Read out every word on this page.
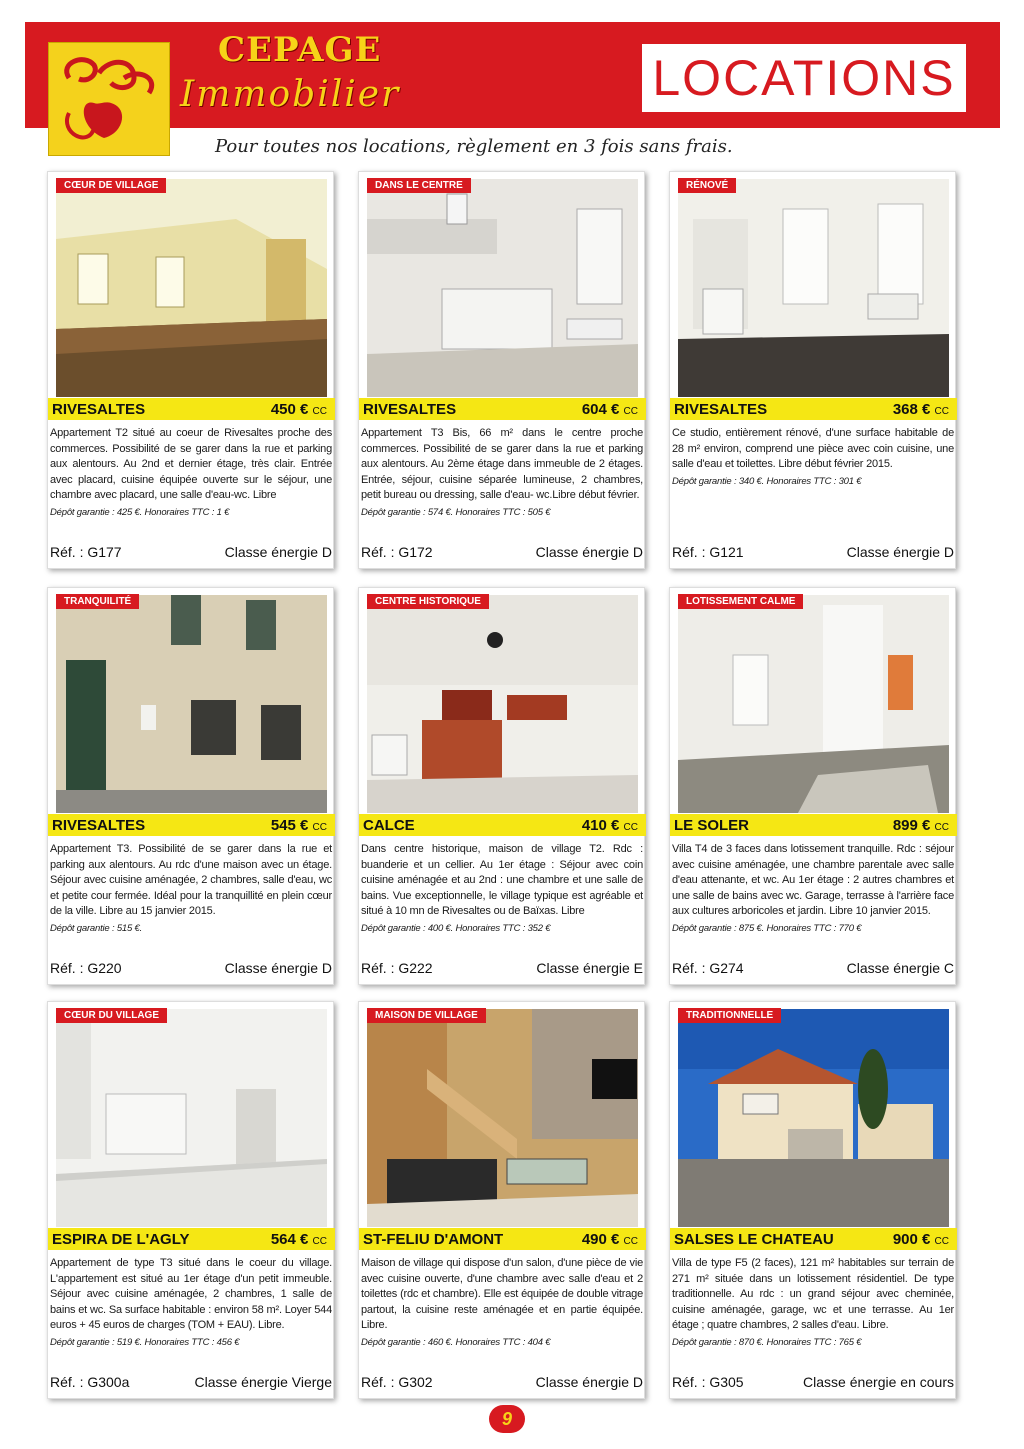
CEPAGE
Immobilier	LOCATIONS
Pour toutes nos locations, règlement en 3 fois sans frais.
CŒUR DE VILLAGE
RIVESALTES	450 € CC
Appartement T2 situé au coeur de Rivesaltes proche des commerces. Possibilité de se garer dans la rue et parking aux alentours. Au 2nd et dernier étage, très clair. Entrée avec placard, cuisine équipée ouverte sur le séjour, une chambre avec placard, une salle d'eau-wc. Libre
Dépôt garantie : 425 €. Honoraires TTC : 1 €
Réf. : G177	Classe énergie D
DANS LE CENTRE
RIVESALTES	604 € CC
Appartement T3 Bis, 66 m² dans le centre proche commerces. Possibilité de se garer dans la rue et parking aux alentours. Au 2ème étage dans immeuble de 2 étages. Entrée, séjour, cuisine séparée lumineuse, 2 chambres, petit bureau ou dressing, salle d'eau- wc.Libre début février.
Dépôt garantie : 574 €. Honoraires TTC : 505 €
Réf. : G172	Classe énergie D
RÉNOVÉ
RIVESALTES	368 € CC
Ce studio, entièrement rénové, d'une surface habitable de 28 m² environ, comprend une pièce avec coin cuisine, une salle d'eau et toilettes. Libre début février 2015.
Dépôt garantie : 340 €. Honoraires TTC : 301 €
Réf. : G121	Classe énergie D
TRANQUILITÉ
RIVESALTES	545 € CC
Appartement T3. Possibilité de se garer dans la rue et parking aux alentours. Au rdc d'une maison avec un étage. Séjour avec cuisine aménagée, 2 chambres, salle d'eau, wc et petite cour fermée. Idéal pour la tranquillité en plein cœur de la ville. Libre au 15 janvier 2015.
Dépôt garantie : 515 €.
Réf. : G220	Classe énergie D
CENTRE HISTORIQUE
CALCE	410 € CC
Dans centre historique, maison de village T2. Rdc : buanderie et un cellier. Au 1er étage : Séjour avec coin cuisine aménagée et au 2nd : une chambre et une salle de bains. Vue exceptionnelle, le village typique est agréable et situé à 10 mn de Rivesaltes ou de Baïxas. Libre
Dépôt garantie : 400 €. Honoraires TTC : 352 €
Réf. : G222	Classe énergie E
LOTISSEMENT CALME
LE SOLER	899 € CC
Villa T4 de 3 faces dans lotissement tranquille. Rdc : séjour avec cuisine aménagée, une chambre parentale avec salle d'eau attenante, et wc. Au 1er étage : 2 autres chambres et une salle de bains avec wc. Garage, terrasse à l'arrière face aux cultures arboricoles et jardin. Libre 10 janvier 2015.
Dépôt garantie : 875 €. Honoraires TTC : 770 €
Réf. : G274	Classe énergie C
CŒUR DU VILLAGE
ESPIRA DE L'AGLY	564 € CC
Appartement de type T3 situé dans le coeur du village. L'appartement est situé au 1er étage d'un petit immeuble. Séjour avec cuisine aménagée, 2 chambres, 1 salle de bains et wc. Sa surface habitable : environ 58 m². Loyer 544 euros + 45 euros de charges (TOM + EAU). Libre.
Dépôt garantie : 519 €. Honoraires TTC : 456 €
Réf. : G300a	Classe énergie Vierge
MAISON DE VILLAGE
ST-FELIU D'AMONT	490 € CC
Maison de village qui dispose d'un salon, d'une pièce de vie avec cuisine ouverte, d'une chambre avec salle d'eau et 2 toilettes (rdc et chambre). Elle est équipée de double vitrage partout, la cuisine reste aménagée et en partie équipée. Libre.
Dépôt garantie : 460 €. Honoraires TTC : 404 €
Réf. : G302	Classe énergie D
TRADITIONNELLE
SALSES LE CHATEAU	900 € CC
Villa de type F5 (2 faces), 121 m² habitables sur terrain de 271 m² située dans un lotissement résidentiel. De type traditionnelle. Au rdc : un grand séjour avec cheminée, cuisine aménagée, garage, wc et une terrasse. Au 1er étage ; quatre chambres, 2 salles d'eau. Libre.
Dépôt garantie : 870 €. Honoraires TTC : 765 €
Réf. : G305	Classe énergie en cours
9
